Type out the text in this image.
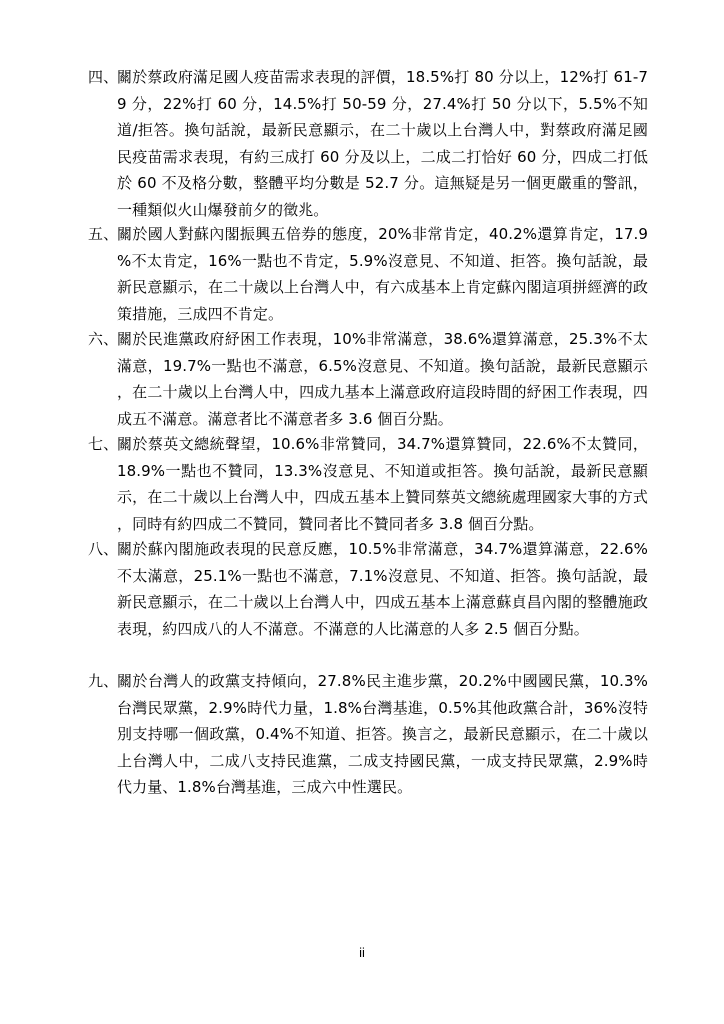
四、
關於蔡政府滿足國人疫苗需求表現的評價，18.5%打 80 分以上，12%打 61-79 分，22%打 60 分，14.5%打 50-59 分，27.4%打 50 分以下，5.5%不知道/拒答。換句話說，最新民意顯示，在二十歲以上台灣人中，對蔡政府滿足國民疫苗需求表現，有約三成打 60 分及以上，二成二打恰好 60 分，四成二打低於 60 不及格分數，整體平均分數是 52.7 分。這無疑是另一個更嚴重的警訊，一種類似火山爆發前夕的徵兆。
五、
關於國人對蘇內閣振興五倍券的態度，20%非常肯定，40.2%還算肯定，17.9%不太肯定，16%一點也不肯定，5.9%沒意見、不知道、拒答。換句話說，最新民意顯示，在二十歲以上台灣人中，有六成基本上肯定蘇內閣這項拼經濟的政策措施，三成四不肯定。
六、
關於民進黨政府紓困工作表現，10%非常滿意，38.6%還算滿意，25.3%不太滿意，19.7%一點也不滿意，6.5%沒意見、不知道。換句話說，最新民意顯示，在二十歲以上台灣人中，四成九基本上滿意政府這段時間的紓困工作表現，四成五不滿意。滿意者比不滿意者多 3.6 個百分點。
七、
關於蔡英文總統聲望，10.6%非常贊同，34.7%還算贊同，22.6%不太贊同，18.9%一點也不贊同，13.3%沒意見、不知道或拒答。換句話說，最新民意顯示，在二十歲以上台灣人中，四成五基本上贊同蔡英文總統處理國家大事的方式，同時有約四成二不贊同，贊同者比不贊同者多 3.8 個百分點。
八、
關於蘇內閣施政表現的民意反應，10.5%非常滿意，34.7%還算滿意，22.6%不太滿意，25.1%一點也不滿意，7.1%沒意見、不知道、拒答。換句話說，最新民意顯示，在二十歲以上台灣人中，四成五基本上滿意蘇貞昌內閣的整體施政表現，約四成八的人不滿意。不滿意的人比滿意的人多 2.5 個百分點。
九、
關於台灣人的政黨支持傾向，27.8%民主進步黨，20.2%中國國民黨，10.3%台灣民眾黨，2.9%時代力量，1.8%台灣基進，0.5%其他政黨合計，36%沒特別支持哪一個政黨，0.4%不知道、拒答。換言之，最新民意顯示，在二十歲以上台灣人中，二成八支持民進黨，二成支持國民黨，一成支持民眾黨，2.9%時代力量、1.8%台灣基進，三成六中性選民。
ii
